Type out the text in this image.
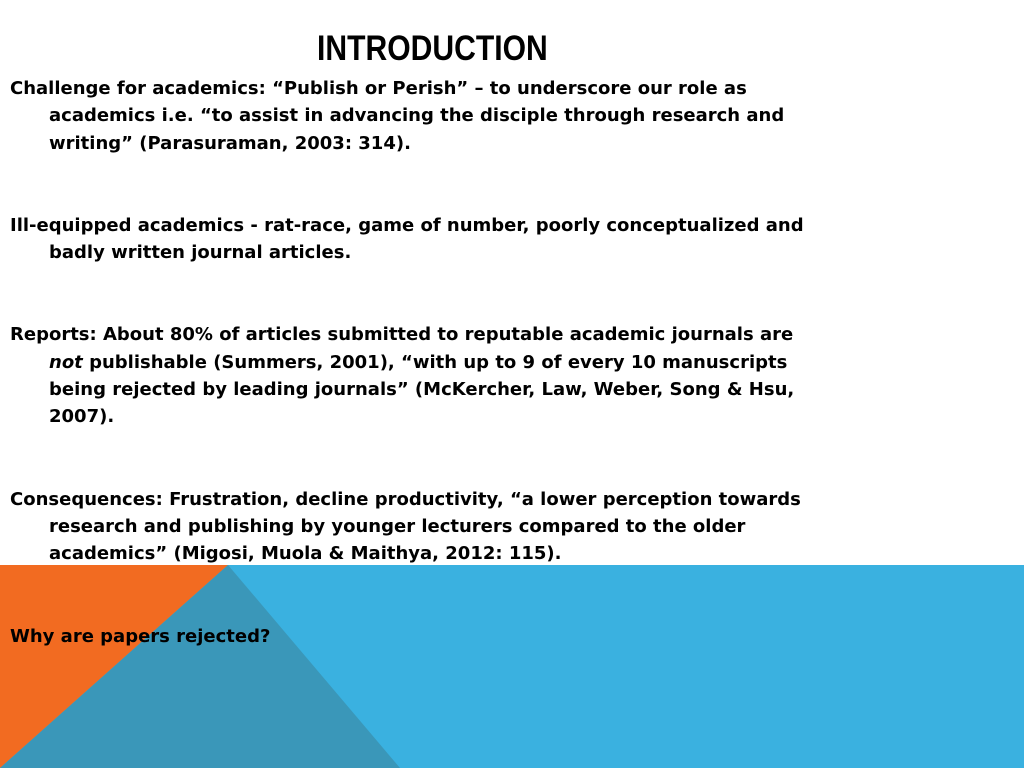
INTRODUCTION

Challenge for academics: “Publish or Perish” – to underscore our role as
academics i.e. “to assist in advancing the disciple through research and
writing” (Parasuraman, 2003: 314).

Ill-equipped academics - rat-race, game of number, poorly conceptualized and
badly written journal articles.

Reports: About 80% of articles submitted to reputable academic journals are
not publishable (Summers, 2001), “with up to 9 of every 10 manuscripts
being rejected by leading journals” (McKercher, Law, Weber, Song & Hsu,
2007).

Consequences: Frustration, decline productivity, “a lower perception towards
research and publishing by younger lecturers compared to the older
academics” (Migosi, Muola & Maithya, 2012: 115).

Why are papers rejected?
